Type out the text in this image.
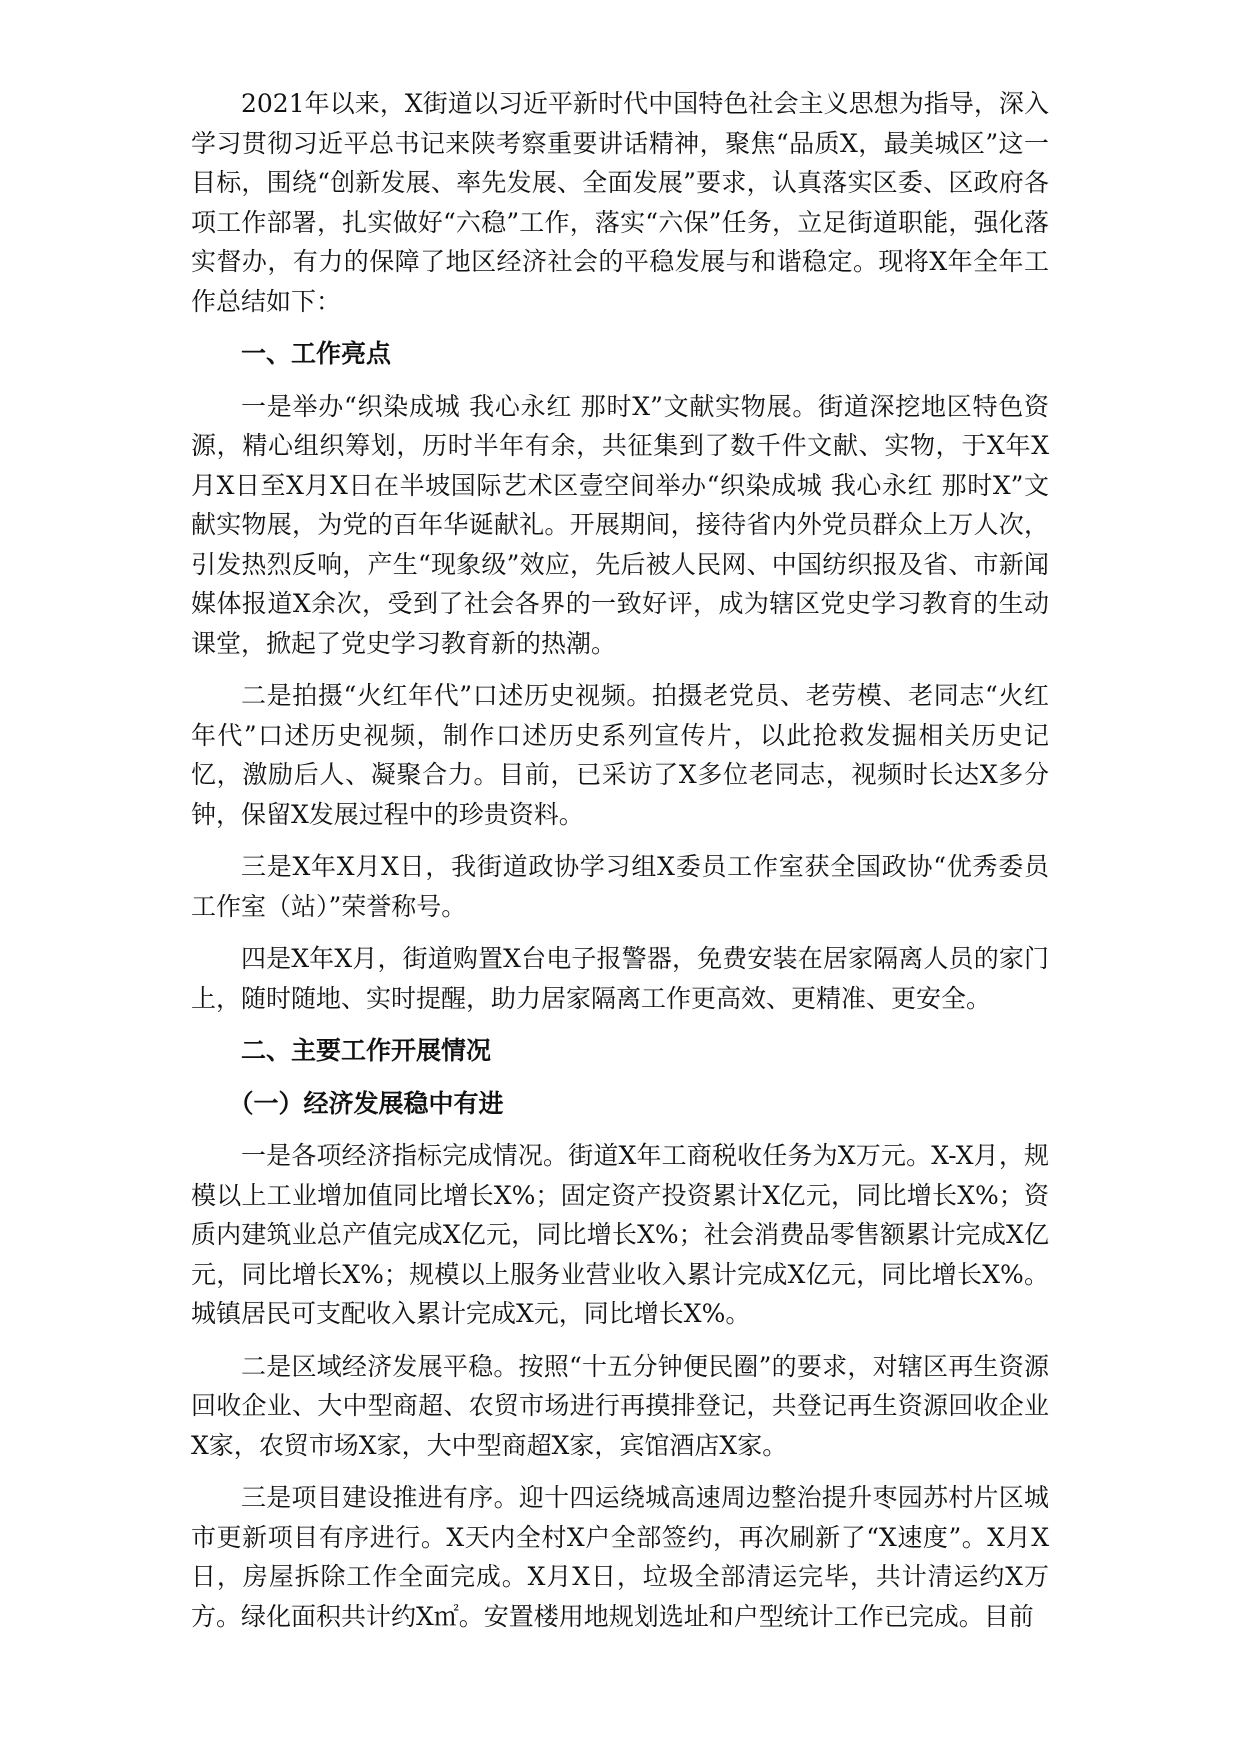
2021年以来，X街道以习近平新时代中国特色社会主义思想为指导，深入学习贯彻习近平总书记来陕考察重要讲话精神，聚焦“品质X，最美城区”这一目标，围绕“创新发展、率先发展、全面发展”要求，认真落实区委、区政府各项工作部署，扎实做好“六稳”工作，落实“六保”任务，立足街道职能，强化落实督办，有力的保障了地区经济社会的平稳发展与和谐稳定。现将X年全年工作总结如下：

一、工作亮点

一是举办“织染成城 我心永红 那时X”文献实物展。街道深挖地区特色资源，精心组织筹划，历时半年有余，共征集到了数千件文献、实物，于X年X月X日至X月X日在半坡国际艺术区壹空间举办“织染成城 我心永红 那时X”文献实物展，为党的百年华诞献礼。开展期间，接待省内外党员群众上万人次，引发热烈反响，产生“现象级”效应，先后被人民网、中国纺织报及省、市新闻媒体报道X余次，受到了社会各界的一致好评，成为辖区党史学习教育的生动课堂，掀起了党史学习教育新的热潮。

二是拍摄“火红年代”口述历史视频。拍摄老党员、老劳模、老同志“火红年代”口述历史视频，制作口述历史系列宣传片，以此抢救发掘相关历史记忆，激励后人、凝聚合力。目前，已采访了X多位老同志，视频时长达X多分钟，保留X发展过程中的珍贵资料。

三是X年X月X日，我街道政协学习组X委员工作室获全国政协“优秀委员工作室（站）”荣誉称号。

四是X年X月，街道购置X台电子报警器，免费安装在居家隔离人员的家门上，随时随地、实时提醒，助力居家隔离工作更高效、更精准、更安全。

二、主要工作开展情况

（一）经济发展稳中有进

一是各项经济指标完成情况。街道X年工商税收任务为X万元。X-X月，规模以上工业增加值同比增长X%；固定资产投资累计X亿元，同比增长X%；资质内建筑业总产值完成X亿元，同比增长X%；社会消费品零售额累计完成X亿元，同比增长X%；规模以上服务业营业收入累计完成X亿元，同比增长X%。城镇居民可支配收入累计完成X元，同比增长X%。

二是区域经济发展平稳。按照“十五分钟便民圈”的要求，对辖区再生资源回收企业、大中型商超、农贸市场进行再摸排登记，共登记再生资源回收企业X家，农贸市场X家，大中型商超X家，宾馆酒店X家。

三是项目建设推进有序。迎十四运绕城高速周边整治提升枣园苏村片区城市更新项目有序进行。X天内全村X户全部签约，再次刷新了“X速度”。X月X日，房屋拆除工作全面完成。X月X日，垃圾全部清运完毕，共计清运约X万方。绿化面积共计约X㎡。安置楼用地规划选址和户型统计工作已完成。目前
